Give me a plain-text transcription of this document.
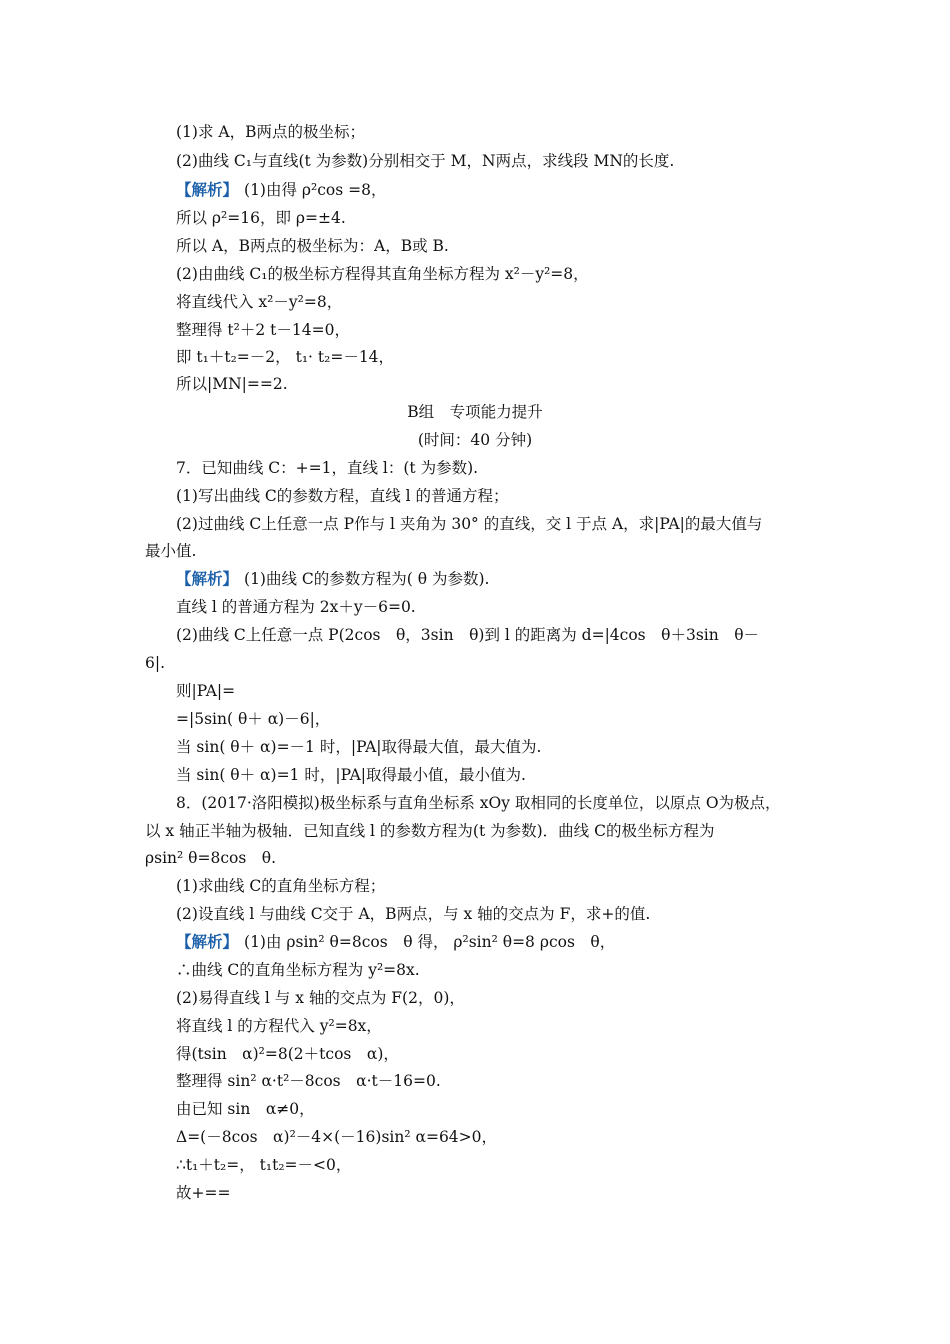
(1)求 A，B两点的极坐标；
(2)曲线 C₁与直线(t 为参数)分别相交于 M，N两点，求线段 MN的长度.
【解析】 (1)由得 ρ²cos =8，
所以 ρ²=16，即 ρ=±4.
所以 A，B两点的极坐标为：A，B或 B.
(2)由曲线 C₁的极坐标方程得其直角坐标方程为 x²－y²=8，
将直线代入 x²－y²=8，
整理得 t²＋2 t－14=0，
即 t₁＋t₂=－2， t₁· t₂=－14，
所以|MN|==2.
B组　专项能力提升
(时间：40 分钟)
7．已知曲线 C：+=1，直线 l：(t 为参数).
(1)写出曲线 C的参数方程，直线 l 的普通方程；
(2)过曲线 C上任意一点 P作与 l 夹角为 30° 的直线，交 l 于点 A，求|PA|的最大值与
最小值.
【解析】 (1)曲线 C的参数方程为( θ 为参数).
直线 l 的普通方程为 2x＋y－6=0.
(2)曲线 C上任意一点 P(2cos　θ，3sin　θ)到 l 的距离为 d=|4cos　θ＋3sin　θ－
6|.
则|PA|=
=|5sin( θ＋ α)－6|，
当 sin( θ＋ α)=－1 时，|PA|取得最大值，最大值为.
当 sin( θ＋ α)=1 时，|PA|取得最小值，最小值为.
8．(2017·洛阳模拟)极坐标系与直角坐标系 xOy 取相同的长度单位，以原点 O为极点，
以 x 轴正半轴为极轴．已知直线 l 的参数方程为(t 为参数)．曲线 C的极坐标方程为
ρsin² θ=8cos　θ.
(1)求曲线 C的直角坐标方程；
(2)设直线 l 与曲线 C交于 A，B两点，与 x 轴的交点为 F，求+的值.
【解析】 (1)由 ρsin² θ=8cos　θ 得， ρ²sin² θ=8 ρcos　θ，
∴曲线 C的直角坐标方程为 y²=8x.
(2)易得直线 l 与 x 轴的交点为 F(2，0)，
将直线 l 的方程代入 y²=8x，
得(tsin　α)²=8(2＋tcos　α)，
整理得 sin² α·t²－8cos　α·t－16=0.
由已知 sin　α≠0，
Δ=(－8cos　α)²－4×(－16)sin² α=64>0，
∴t₁＋t₂=， t₁t₂=－<0，
故+==
